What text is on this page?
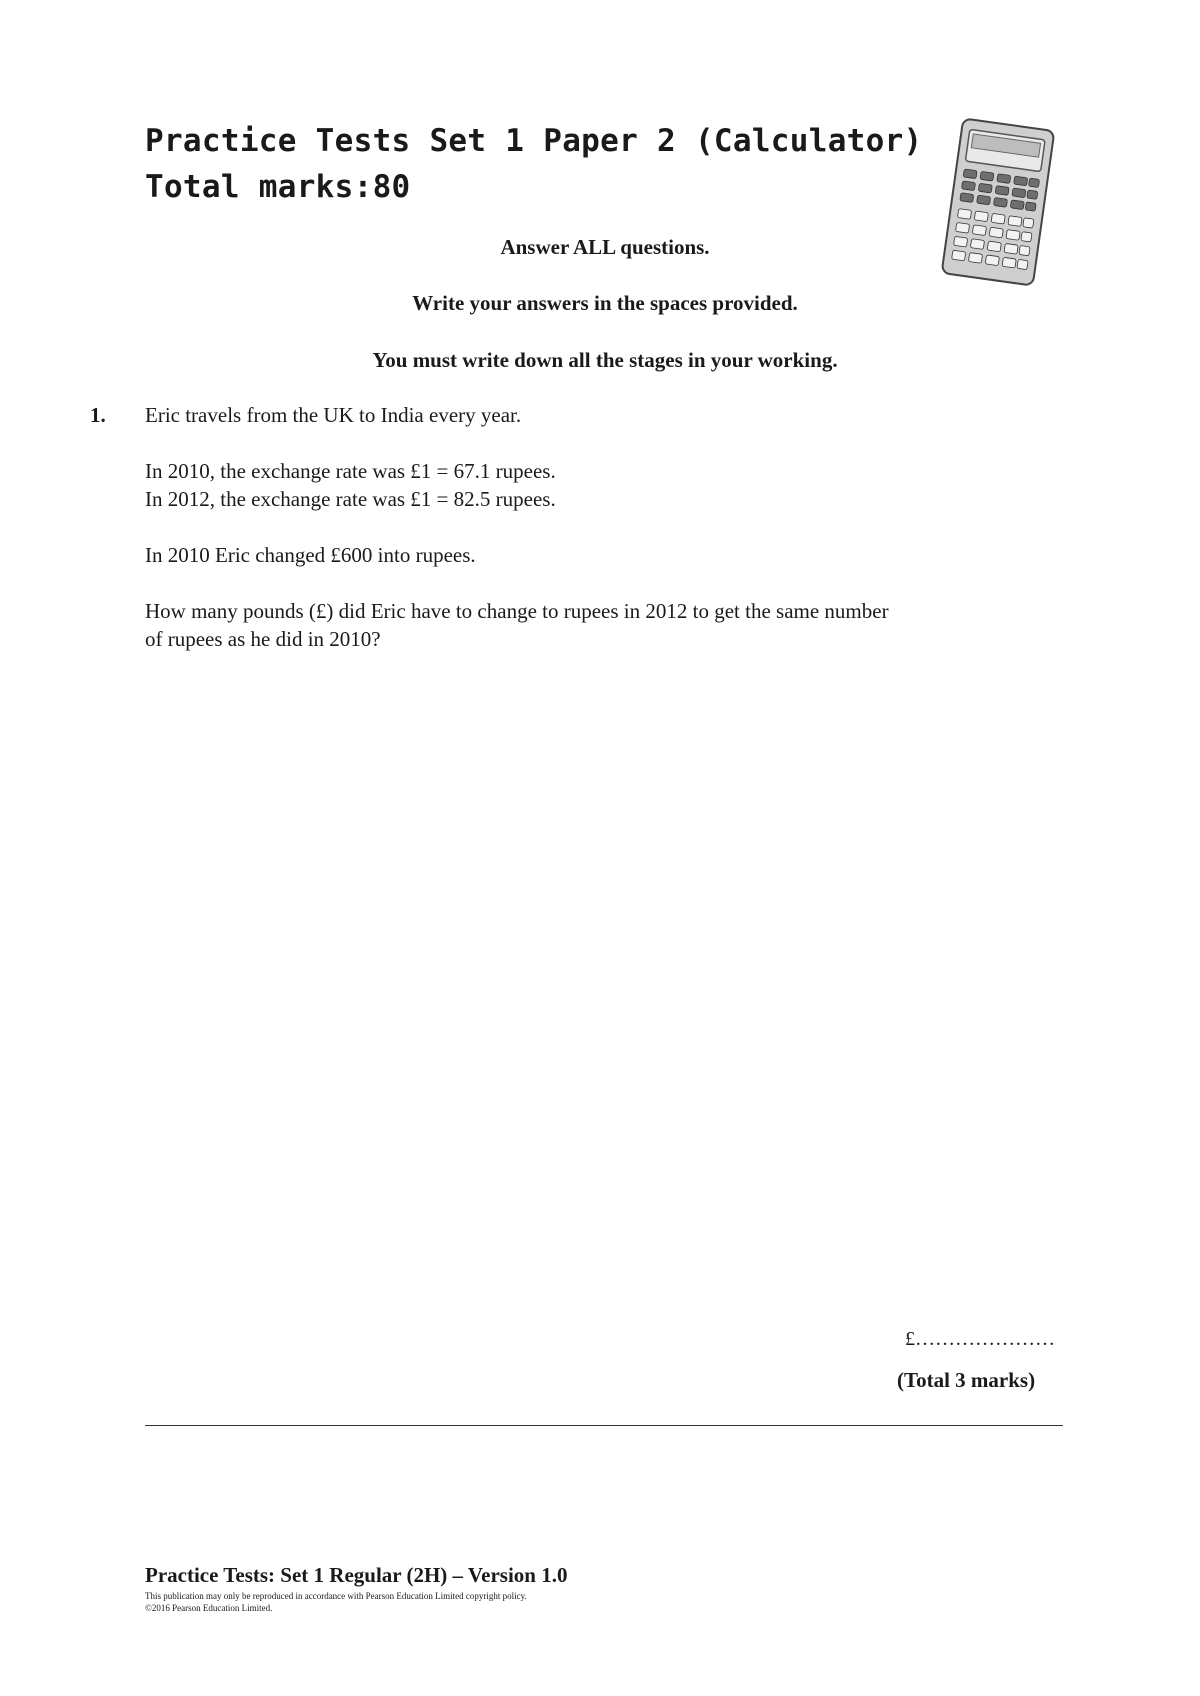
Practice Tests Set 1 Paper 2 (Calculator)
Total marks:80
Answer ALL questions.
Write your answers in the spaces provided.
You must write down all the stages in your working.
1. Eric travels from the UK to India every year.
In 2010, the exchange rate was £1 = 67.1 rupees.
In 2012, the exchange rate was £1 = 82.5 rupees.
In 2010 Eric changed £600 into rupees.
How many pounds (£) did Eric have to change to rupees in 2012 to get the same number
of rupees as he did in 2010?
£…………………
(Total 3 marks)
Practice Tests: Set 1 Regular (2H) – Version 1.0
This publication may only be reproduced in accordance with Pearson Education Limited copyright policy.
©2016 Pearson Education Limited.
